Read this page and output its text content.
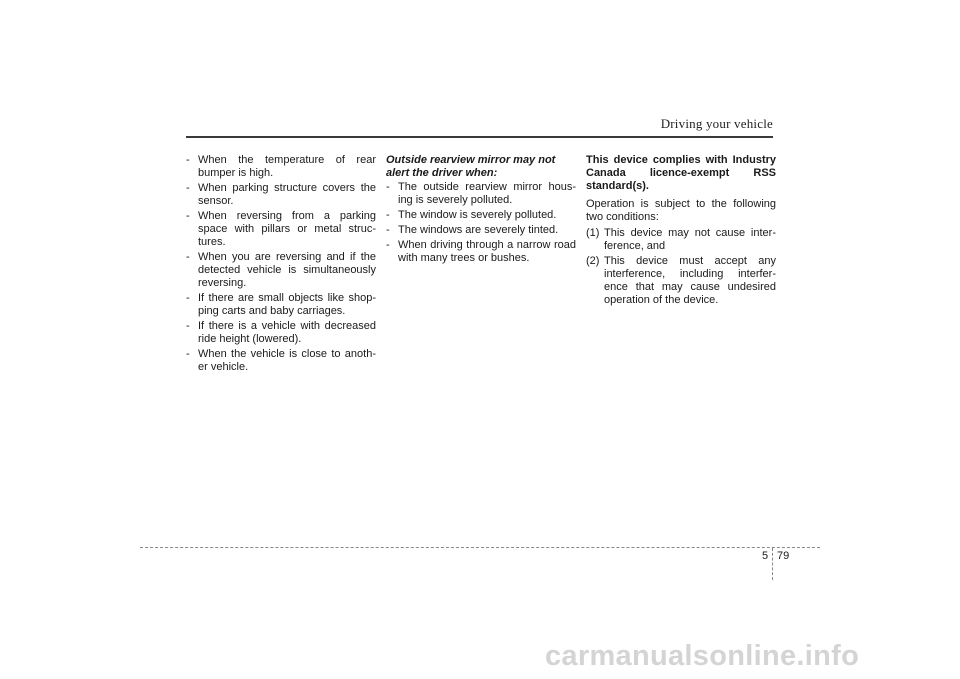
Driving your vehicle
- When the temperature of rear bumper is high.
- When parking structure covers the sensor.
- When reversing from a parking space with pillars or metal struc- tures.
- When you are reversing and if the detected vehicle is simultaneously reversing.
- If there are small objects like shop- ping carts and baby carriages.
- If there is a vehicle with decreased ride height (lowered).
- When the vehicle is close to anoth- er vehicle.
Outside rearview mirror may not alert the driver when:
- The outside rearview mirror hous- ing is severely polluted.
- The window is severely polluted.
- The windows are severely tinted.
- When driving through a narrow road with many trees or bushes.
This device complies with Industry Canada licence-exempt RSS standard(s).
Operation is subject to the following two conditions:
(1) This device may not cause inter- ference, and
(2) This device must accept any interference, including interfer- ence that may cause undesired operation of the device.
5 79
carmanualsonline.info
